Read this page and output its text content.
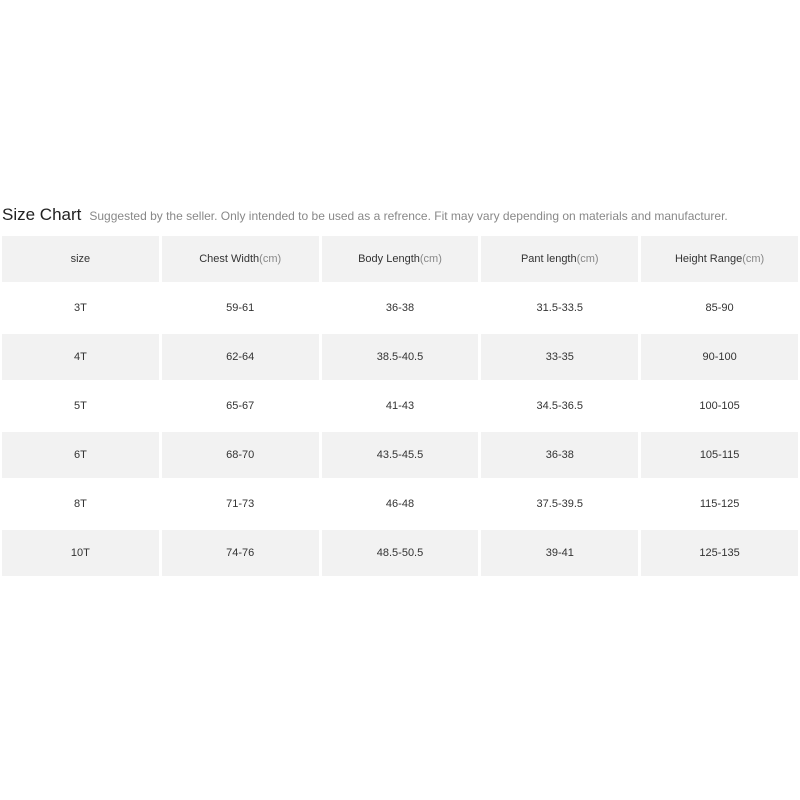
Size Chart Suggested by the seller. Only intended to be used as a refrence. Fit may vary depending on materials and manufacturer.
size	Chest Width(cm)	Body Length(cm)	Pant length(cm)	Height Range(cm)
3T	59-61	36-38	31.5-33.5	85-90
4T	62-64	38.5-40.5	33-35	90-100
5T	65-67	41-43	34.5-36.5	100-105
6T	68-70	43.5-45.5	36-38	105-115
8T	71-73	46-48	37.5-39.5	115-125
10T	74-76	48.5-50.5	39-41	125-135
